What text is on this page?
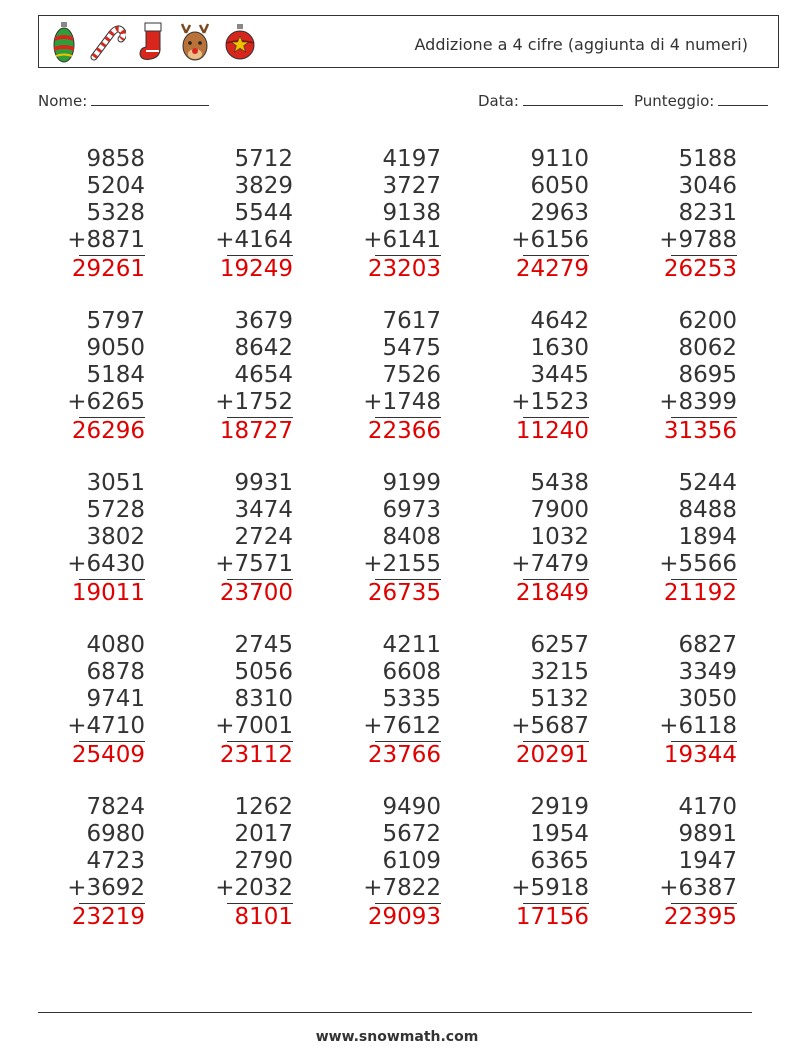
Addizione a 4 cifre (aggiunta di 4 numeri)
Nome:	Data:	Punteggio:
9858
5204
5328
+8871
29261
5712
3829
5544
+4164
19249
4197
3727
9138
+6141
23203
9110
6050
2963
+6156
24279
5188
3046
8231
+9788
26253
5797
9050
5184
+6265
26296
3679
8642
4654
+1752
18727
7617
5475
7526
+1748
22366
4642
1630
3445
+1523
11240
6200
8062
8695
+8399
31356
3051
5728
3802
+6430
19011
9931
3474
2724
+7571
23700
9199
6973
8408
+2155
26735
5438
7900
1032
+7479
21849
5244
8488
1894
+5566
21192
4080
6878
9741
+4710
25409
2745
5056
8310
+7001
23112
4211
6608
5335
+7612
23766
6257
3215
5132
+5687
20291
6827
3349
3050
+6118
19344
7824
6980
4723
+3692
23219
1262
2017
2790
+2032
8101
9490
5672
6109
+7822
29093
2919
1954
6365
+5918
17156
4170
9891
1947
+6387
22395
www.snowmath.com
